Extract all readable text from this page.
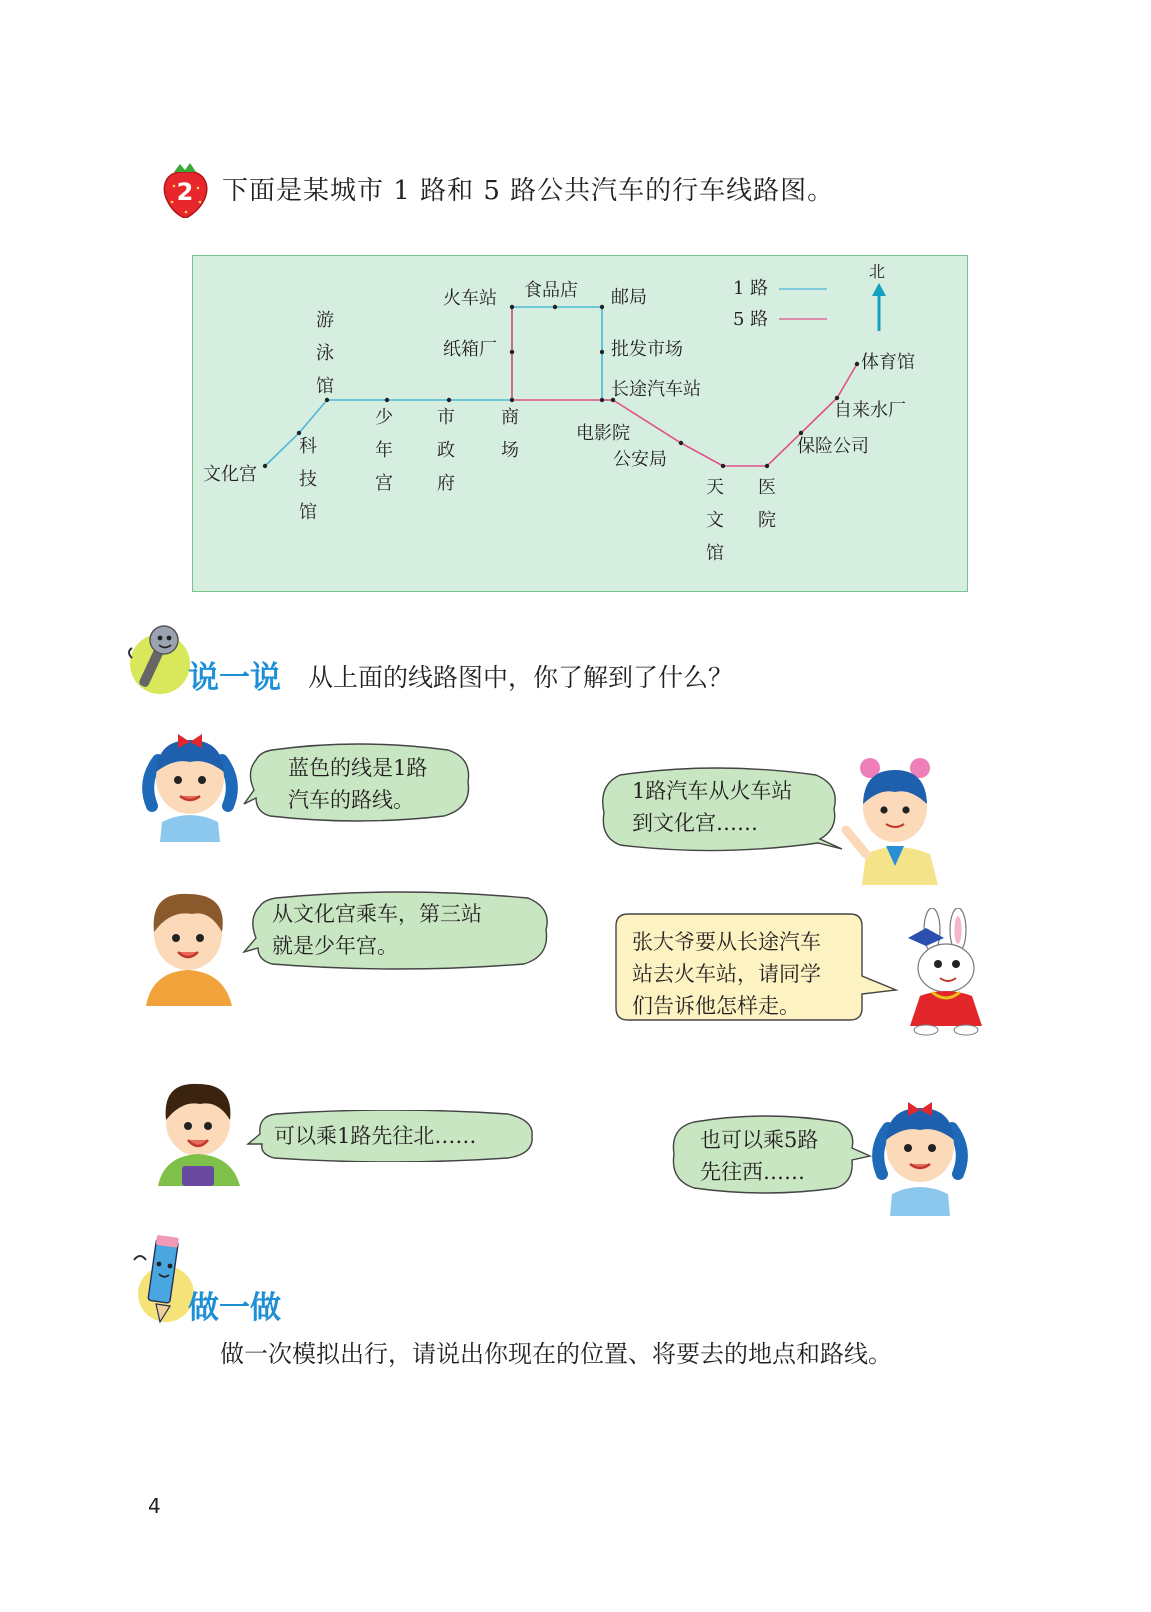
2 下面是某城市 1 路和 5 路公共汽车的行车线路图。
文化宫
科技馆
游泳馆
少年宫
市政府
商场
纸箱厂
火车站 食品店 邮局
批发市场
长途汽车站
电影院
公安局
天文馆
医院
保险公司
自来水厂
体育馆
1 路
5 路
北
说一说 从上面的线路图中，你了解到了什么？
蓝色的线是1路
汽车的路线。	1路汽车从火车站
到文化宫……
从文化宫乘车，第三站
就是少年宫。	张大爷要从长途汽车
站去火车站，请同学
们告诉他怎样走。
可以乘1路先往北……	也可以乘5路
先往西……
做一做
做一次模拟出行，请说出你现在的位置、将要去的地点和路线。
4
